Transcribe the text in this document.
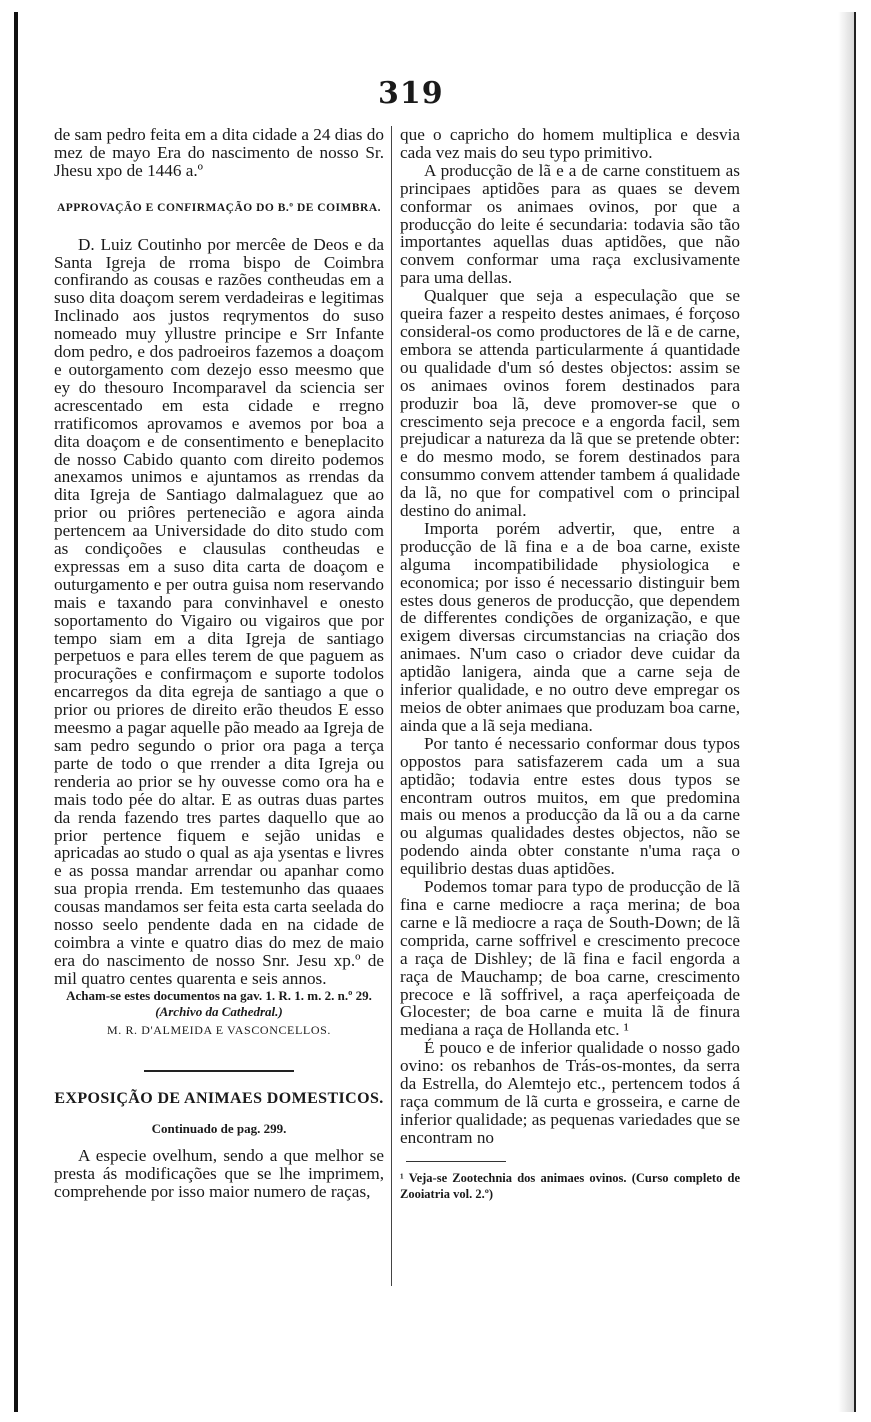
319

de sam pedro feita em a dita cidade a 24 dias do mez de mayo Era do nascimento de nosso Sr. Jhesu xpo de 1446 a.º

APPROVAÇÃO E CONFIRMAÇÃO DO B.º DE COIMBRA.

D. Luiz Coutinho por mercêe de Deos e da Santa Igreja de rroma bispo de Coimbra confirando as cousas e razões contheudas em a suso dita doaçom serem verdadeiras e legitimas Inclinado aos justos reqrymentos do suso nomeado muy yllustre principe e Srr Infante dom pedro, e dos padroeiros fazemos a doaçom e outorgamento com dezejo esso meesmo que ey do thesouro Incomparavel da sciencia ser acrescentado em esta cidade e rregno rratificomos aprovamos e avemos por boa a dita doaçom e de consentimento e beneplacito de nosso Cabido quanto com direito podemos anexamos unimos e ajuntamos as rrendas da dita Igreja de Santiago dalmalaguez que ao prior ou priôres pertenecião e agora ainda pertencem aa Universidade do dito studo com as condiçoões e clausulas contheudas e expressas em a suso dita carta de doaçom e outurgamento e per outra guisa nom reservando mais e taxando para convinhavel e onesto soportamento do Vigairo ou vigairos que por tempo siam em a dita Igreja de santiago perpetuos e para elles terem de que paguem as procurações e confirmaçom e suporte todolos encarregos da dita egreja de santiago a que o prior ou priores de direito erão theudos E esso meesmo a pagar aquelle pão meado aa Igreja de sam pedro segundo o prior ora paga a terça parte de todo o que rrender a dita Igreja ou renderia ao prior se hy ouvesse como ora ha e mais todo pée do altar. E as outras duas partes da renda fazendo tres partes daquello que ao prior pertence fiquem e sejão unidas e apricadas ao studo o qual as aja ysentas e livres e as possa mandar arrendar ou apanhar como sua propia rrenda. Em testemunho das quaaes cousas mandamos ser feita esta carta seelada do nosso seelo pendente dada en na cidade de coimbra a vinte e quatro dias do mez de maio era do nascimento de nosso Snr. Jesu xp.º de mil quatro centes quarenta e seis annos.

Acham-se estes documentos na gav. 1. R. 1. m. 2. n.º 29. (Archivo da Cathedral.)
M. R. D'ALMEIDA E VASCONCELLOS.
EXPOSIÇÃO DE ANIMAES DOMESTICOS.
Continuado de pag. 299.

A especie ovelhum, sendo a que melhor se presta ás modificações que se lhe imprimem, comprehende por isso maior numero de raças,

que o capricho do homem multiplica e desvia cada vez mais do seu typo primitivo.

A producção de lã e a de carne constituem as principaes aptidões para as quaes se devem conformar os animaes ovinos, por que a producção do leite é secundaria: todavia são tão importantes aquellas duas aptidões, que não convem conformar uma raça exclusivamente para uma dellas.

Qualquer que seja a especulação que se queira fazer a respeito destes animaes, é forçoso consideral-os como productores de lã e de carne, embora se attenda particularmente á quantidade ou qualidade d'um só destes objectos: assim se os animaes ovinos forem destinados para produzir boa lã, deve promover-se que o crescimento seja precoce e a engorda facil, sem prejudicar a natureza da lã que se pretende obter: e do mesmo modo, se forem destinados para consummo convem attender tambem á qualidade da lã, no que for compativel com o principal destino do animal.

Importa porém advertir, que, entre a producção de lã fina e a de boa carne, existe alguma incompatibilidade physiologica e economica; por isso é necessario distinguir bem estes dous generos de producção, que dependem de differentes condições de organização, e que exigem diversas circumstancias na criação dos animaes. N'um caso o criador deve cuidar da aptidão lanigera, ainda que a carne seja de inferior qualidade, e no outro deve empregar os meios de obter animaes que produzam boa carne, ainda que a lã seja mediana.

Por tanto é necessario conformar dous typos oppostos para satisfazerem cada um a sua aptidão; todavia entre estes dous typos se encontram outros muitos, em que predomina mais ou menos a producção da lã ou a da carne ou algumas qualidades destes objectos, não se podendo ainda obter constante n'uma raça o equilibrio destas duas aptidões.

Podemos tomar para typo de producção de lã fina e carne mediocre a raça merina; de boa carne e lã mediocre a raça de South-Down; de lã comprida, carne soffrivel e crescimento precoce a raça de Dishley; de lã fina e facil engorda a raça de Mauchamp; de boa carne, crescimento precoce e lã soffrivel, a raça aperfeiçoada de Glocester; de boa carne e muita lã de finura mediana a raça de Hollanda etc. ¹

É pouco e de inferior qualidade o nosso gado ovino: os rebanhos de Trás-os-montes, da serra da Estrella, do Alemtejo etc., pertencem todos á raça commum de lã curta e grosseira, e carne de inferior qualidade; as pequenas variedades que se encontram no

¹ Veja-se Zootechnia dos animaes ovinos. (Curso completo de Zooiatria vol. 2.º)
